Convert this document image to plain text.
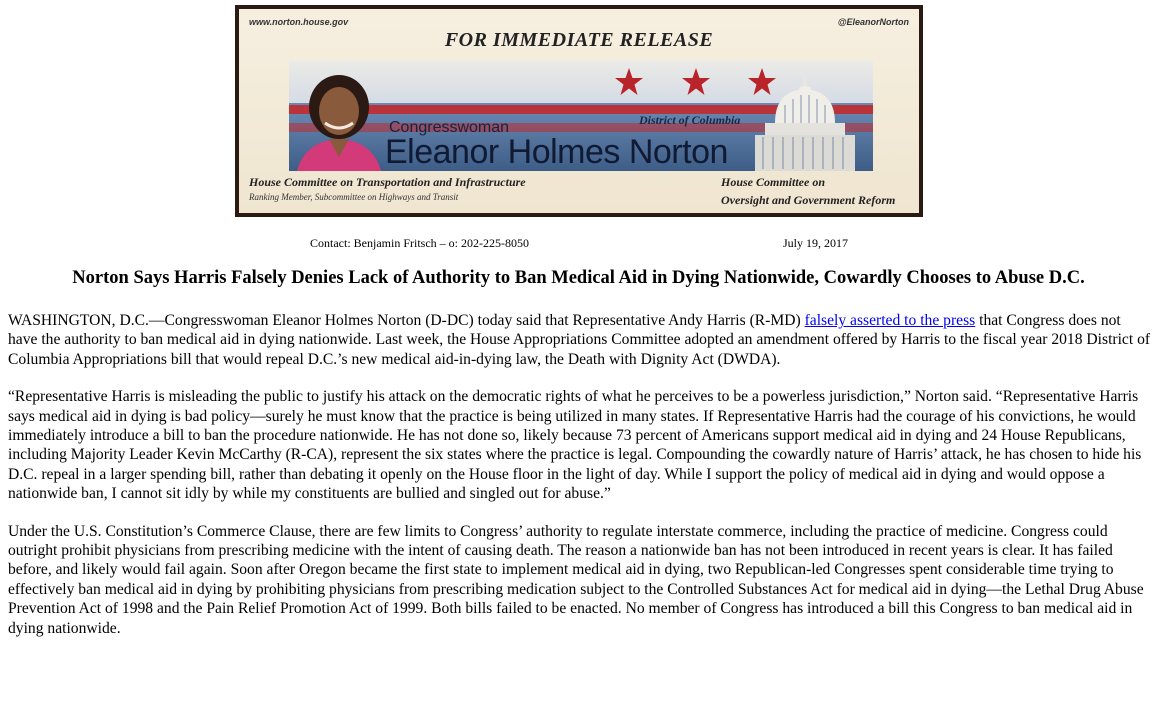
www.norton.house.gov	@EleanorNorton
FOR IMMEDIATE RELEASE
District of Columbia
Congresswoman
Eleanor Holmes Norton
House Committee on Transportation and Infrastructure
Ranking Member, Subcommittee on Highways and Transit
House Committee on
Oversight and Government Reform
Contact: Benjamin Fritsch – o: 202-225-8050	July 19, 2017
Norton Says Harris Falsely Denies Lack of Authority to Ban Medical Aid in Dying Nationwide, Cowardly Chooses to Abuse D.C.

WASHINGTON, D.C.—Congresswoman Eleanor Holmes Norton (D-DC) today said that Representative Andy Harris (R-MD) falsely asserted to the press that Congress does not have the authority to ban medical aid in dying nationwide. Last week, the House Appropriations Committee adopted an amendment offered by Harris to the fiscal year 2018 District of Columbia Appropriations bill that would repeal D.C.’s new medical aid-in-dying law, the Death with Dignity Act (DWDA).

“Representative Harris is misleading the public to justify his attack on the democratic rights of what he perceives to be a powerless jurisdiction,” Norton said. “Representative Harris says medical aid in dying is bad policy—surely he must know that the practice is being utilized in many states. If Representative Harris had the courage of his convictions, he would immediately introduce a bill to ban the procedure nationwide. He has not done so, likely because 73 percent of Americans support medical aid in dying and 24 House Republicans, including Majority Leader Kevin McCarthy (R-CA), represent the six states where the practice is legal. Compounding the cowardly nature of Harris’ attack, he has chosen to hide his D.C. repeal in a larger spending bill, rather than debating it openly on the House floor in the light of day. While I support the policy of medical aid in dying and would oppose a nationwide ban, I cannot sit idly by while my constituents are bullied and singled out for abuse.”

Under the U.S. Constitution’s Commerce Clause, there are few limits to Congress’ authority to regulate interstate commerce, including the practice of medicine. Congress could outright prohibit physicians from prescribing medicine with the intent of causing death. The reason a nationwide ban has not been introduced in recent years is clear. It has failed before, and likely would fail again. Soon after Oregon became the first state to implement medical aid in dying, two Republican-led Congresses spent considerable time trying to effectively ban medical aid in dying by prohibiting physicians from prescribing medication subject to the Controlled Substances Act for medical aid in dying—the Lethal Drug Abuse Prevention Act of 1998 and the Pain Relief Promotion Act of 1999. Both bills failed to be enacted. No member of Congress has introduced a bill this Congress to ban medical aid in dying nationwide.
